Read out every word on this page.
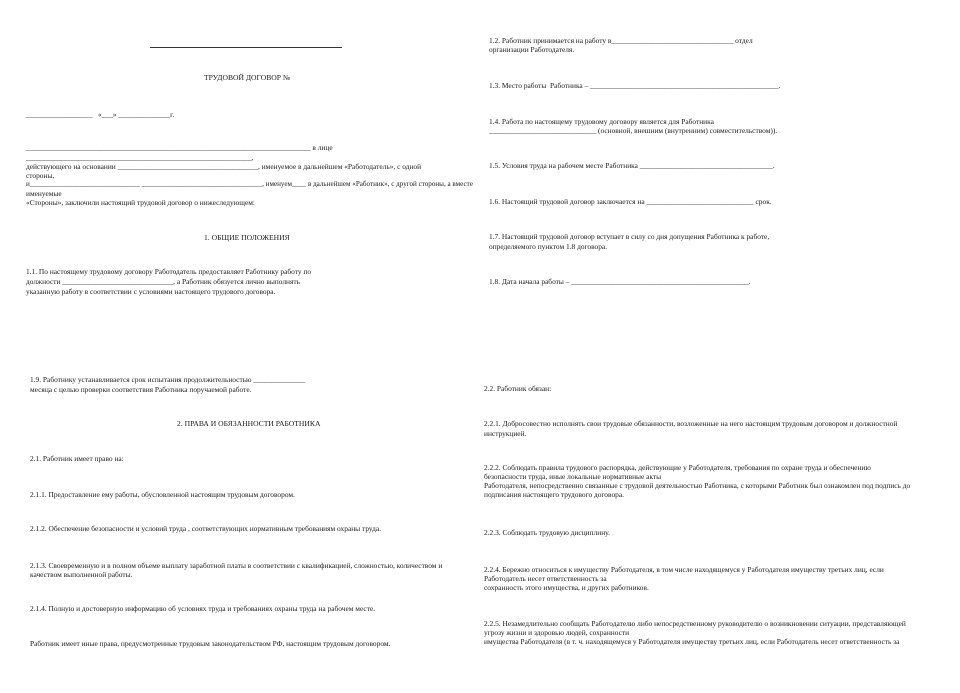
ТРУДОВОЙ ДОГОВОР №

__________________   «___» ______________г.

_____________________________________________________________________________ в лице

_____________________________________________________________,

действующего на основании ______________________________________, именуемое в дальнейшем «Работодатель», с одной

стороны,

и_______________________________ __________________________________, именуем____ в дальнейшем «Работник», с другой стороны, а вместе

именуемые

«Стороны», заключили настоящий трудовой договор о нижеследующем:

1. ОБЩИЕ ПОЛОЖЕНИЯ

1.1. По настоящему трудовому договору Работодатель предоставляет Работнику работу по

должности ______________________________, а Работник обязуется лично выполнять

указанную работу в соответствии с условиями настоящего трудового договора.

1.9. Работнику устанавливается срок испытания продолжительностью ______________

месяца с целью проверки соответствия Работника поручаемой работе.

2. ПРАВА И ОБЯЗАННОСТИ РАБОТНИКА

2.1. Работник имеет право на:

2.1.1. Предоставление ему работы, обусловленной настоящим трудовым договором.

2.1.2. Обеспечение безопасности и условий труда , соответствующих нормативным требованиям охраны труда.

2.1.3. Своевременную и в полном объеме выплату заработной платы в соответствии с квалификацией, сложностью, количеством и

качеством выполненной работы.

2.1.4. Полную и достоверную информацию об условиях труда и требованиях охраны труда на рабочем месте.

Работник имеет иные права, предусмотренные трудовым законодательством РФ, настоящим трудовым договором.

1.2. Работник принимается на работу в_________________________________ отдел

организации Работодателя.

1.3. Место работы  Работника – ___________________________________________________.

1.4. Работа по настоящему трудовому договору является для Работника

_____________________________ (основной, внешним (внутренним) совместительством)).

1.5. Условия труда на рабочем месте Работника ____________________________________.

1.6. Настоящий трудовой договор заключается на _____________________________ срок.

1.7. Настоящий трудовой договор вступает в силу со дня допущения Работника к работе,

определяемого пунктом 1.8 договора.

1.8. Дата начала работы – ________________________________________________.

2.2. Работник обязан:

2.2.1. Добросовестно исполнять свои трудовые обязанности, возложенные на него настоящим трудовым договором и должностной

инструкцией.

2.2.2. Соблюдать правила трудового распорядка, действующие у Работодателя, требования по охране труда и обеспечению

безопасности труда, иные локальные нормативные акты

Работодателя, непосредственно связанные с трудовой деятельностью Работника, с которыми Работник был ознакомлен под подпись до

подписания настоящего трудового договора.

2.2.3. Соблюдать трудовую дисциплину.

2.2.4. Бережно относиться к имуществу Работодателя, в том числе находящемуся у Работодателя имуществу третьих лиц, если

Работодатель несет ответственность за

сохранность этого имущества, и других работников.

2.2.5. Незамедлительно сообщать Работодателю либо непосредственному руководителю о возникновении ситуации, представляющей

угрозу жизни и здоровью людей, сохранности

имущества Работодателя (в т. ч. находящемуся у Работодателя имуществу третьих лиц, если Работодатель несет ответственность за
